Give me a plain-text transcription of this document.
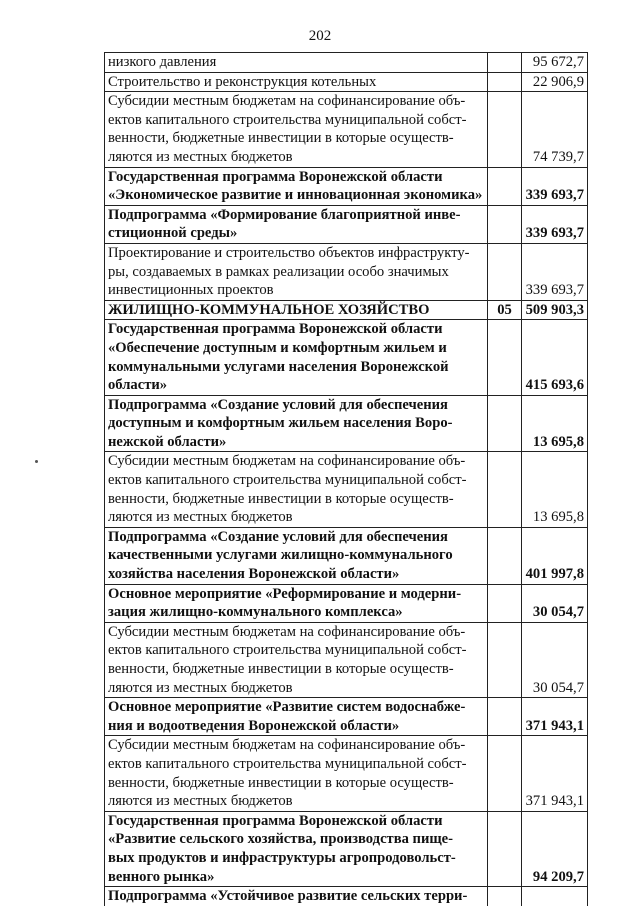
202
низкого давления		95 672,7

Строительство и реконструкция котельных		22 906,9

Субсидии местным бюджетам на софинансирование объ-
ектов капитального строительства муниципальной собст-
венности, бюджетные инвестиции в которые осуществ-
ляются из местных бюджетов		74 739,7

Государственная программа Воронежской области
«Экономическое развитие и инновационная экономика»		339 693,7

Подпрограмма «Формирование благоприятной инве-
стиционной среды»		339 693,7

Проектирование и строительство объектов инфраструкту-
ры, создаваемых в рамках реализации особо значимых
инвестиционных проектов		339 693,7

ЖИЛИЩНО-КОММУНАЛЬНОЕ ХОЗЯЙСТВО	05	509 903,3

Государственная программа Воронежской области
«Обеспечение доступным и комфортным жильем и
коммунальными услугами населения Воронежской
области»		415 693,6

Подпрограмма «Создание условий для обеспечения
доступным и комфортным жильем населения Воро-
нежской области»		13 695,8

Субсидии местным бюджетам на софинансирование объ-
ектов капитального строительства муниципальной собст-
венности, бюджетные инвестиции в которые осуществ-
ляются из местных бюджетов		13 695,8

Подпрограмма «Создание условий для обеспечения
качественными услугами жилищно-коммунального
хозяйства населения Воронежской области»		401 997,8

Основное мероприятие «Реформирование и модерни-
зация жилищно-коммунального комплекса»		30 054,7

Субсидии местным бюджетам на софинансирование объ-
ектов капитального строительства муниципальной собст-
венности, бюджетные инвестиции в которые осуществ-
ляются из местных бюджетов		30 054,7

Основное мероприятие «Развитие систем водоснабже-
ния и водоотведения Воронежской области»		371 943,1

Субсидии местным бюджетам на софинансирование объ-
ектов капитального строительства муниципальной собст-
венности, бюджетные инвестиции в которые осуществ-
ляются из местных бюджетов		371 943,1

Государственная программа Воронежской области
«Развитие сельского хозяйства, производства пище-
вых продуктов и инфраструктуры агропродовольст-
венного рынка»		94 209,7

Подпрограмма «Устойчивое развитие сельских терри-		
